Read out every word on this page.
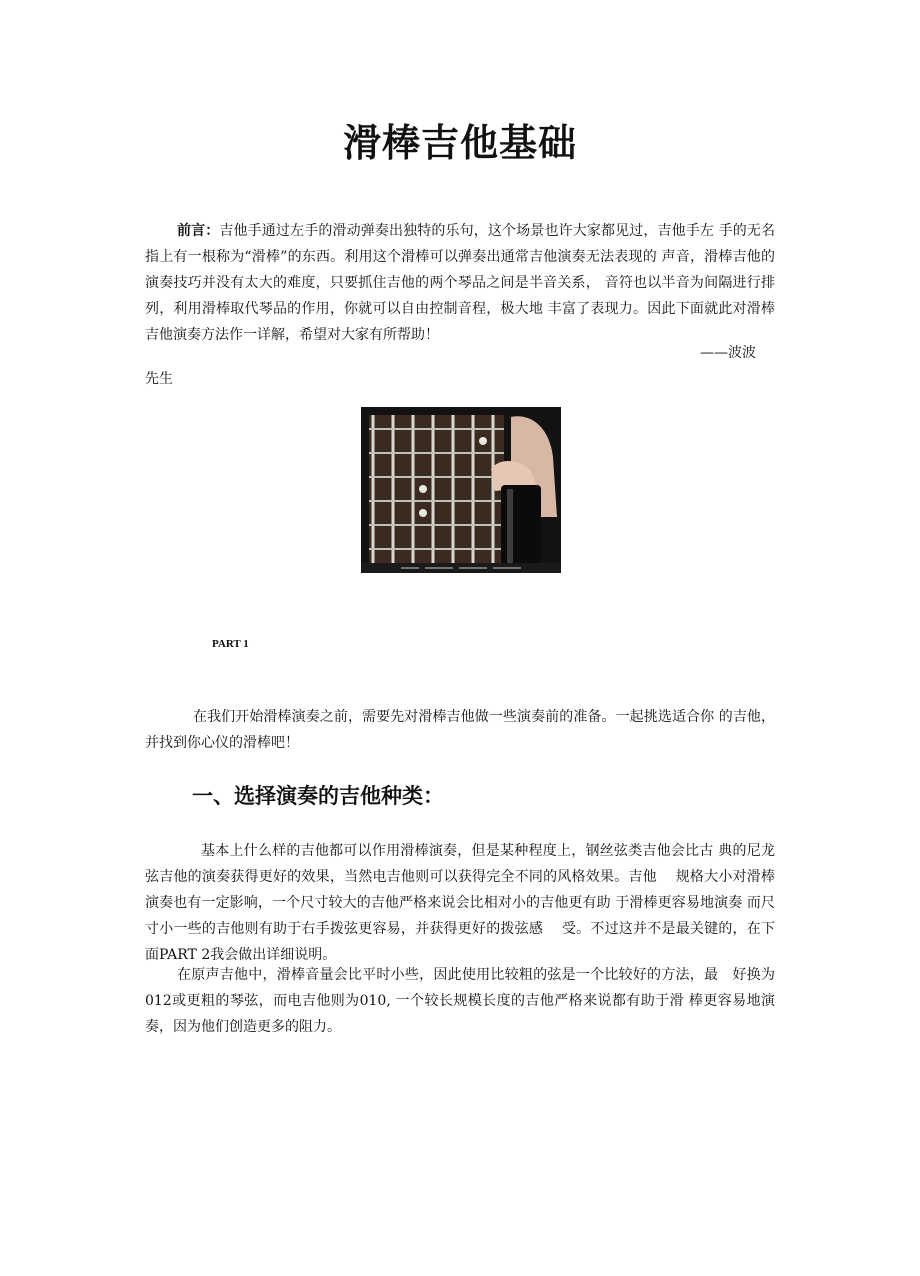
滑棒吉他基础

前言：吉他手通过左手的滑动弹奏出独特的乐句，这个场景也许大家都见过，吉他手左 手的无名指上有一根称为“滑棒”的东西。利用这个滑棒可以弹奏出通常吉他演奏无法表现的 声音，滑棒吉他的演奏技巧并没有太大的难度，只要抓住吉他的两个琴品之间是半音关系， 音符也以半音为间隔进行排列，利用滑棒取代琴品的作用，你就可以自由控制音程，极大地 丰富了表现力。因此下面就此对滑棒吉他演奏方法作一详解，希望对大家有所帮助！

——波波
先生
PART 1

在我们开始滑棒演奏之前，需要先对滑棒吉他做一些演奏前的准备。一起挑选适合你 的吉他，并找到你心仪的滑棒吧！

一、选择演奏的吉他种类：

基本上什么样的吉他都可以作用滑棒演奏，但是某种程度上，钢丝弦类吉他会比古 典的尼龙弦吉他的演奏获得更好的效果，当然电吉他则可以获得完全不同的风格效果。吉他　 规格大小对滑棒演奏也有一定影响，一个尺寸较大的吉他严格来说会比相对小的吉他更有助 于滑棒更容易地演奏 而尺寸小一些的吉他则有助于右手拨弦更容易，并获得更好的拨弦感　 受。不过这并不是最关键的，在下面PART 2我会做出详细说明。

在原声吉他中，滑棒音量会比平时小些，因此使用比较粗的弦是一个比较好的方法，最　好换为012或更粗的琴弦，而电吉他则为010, 一个较长规模长度的吉他严格来说都有助于滑 棒更容易地演奏，因为他们创造更多的阻力。
